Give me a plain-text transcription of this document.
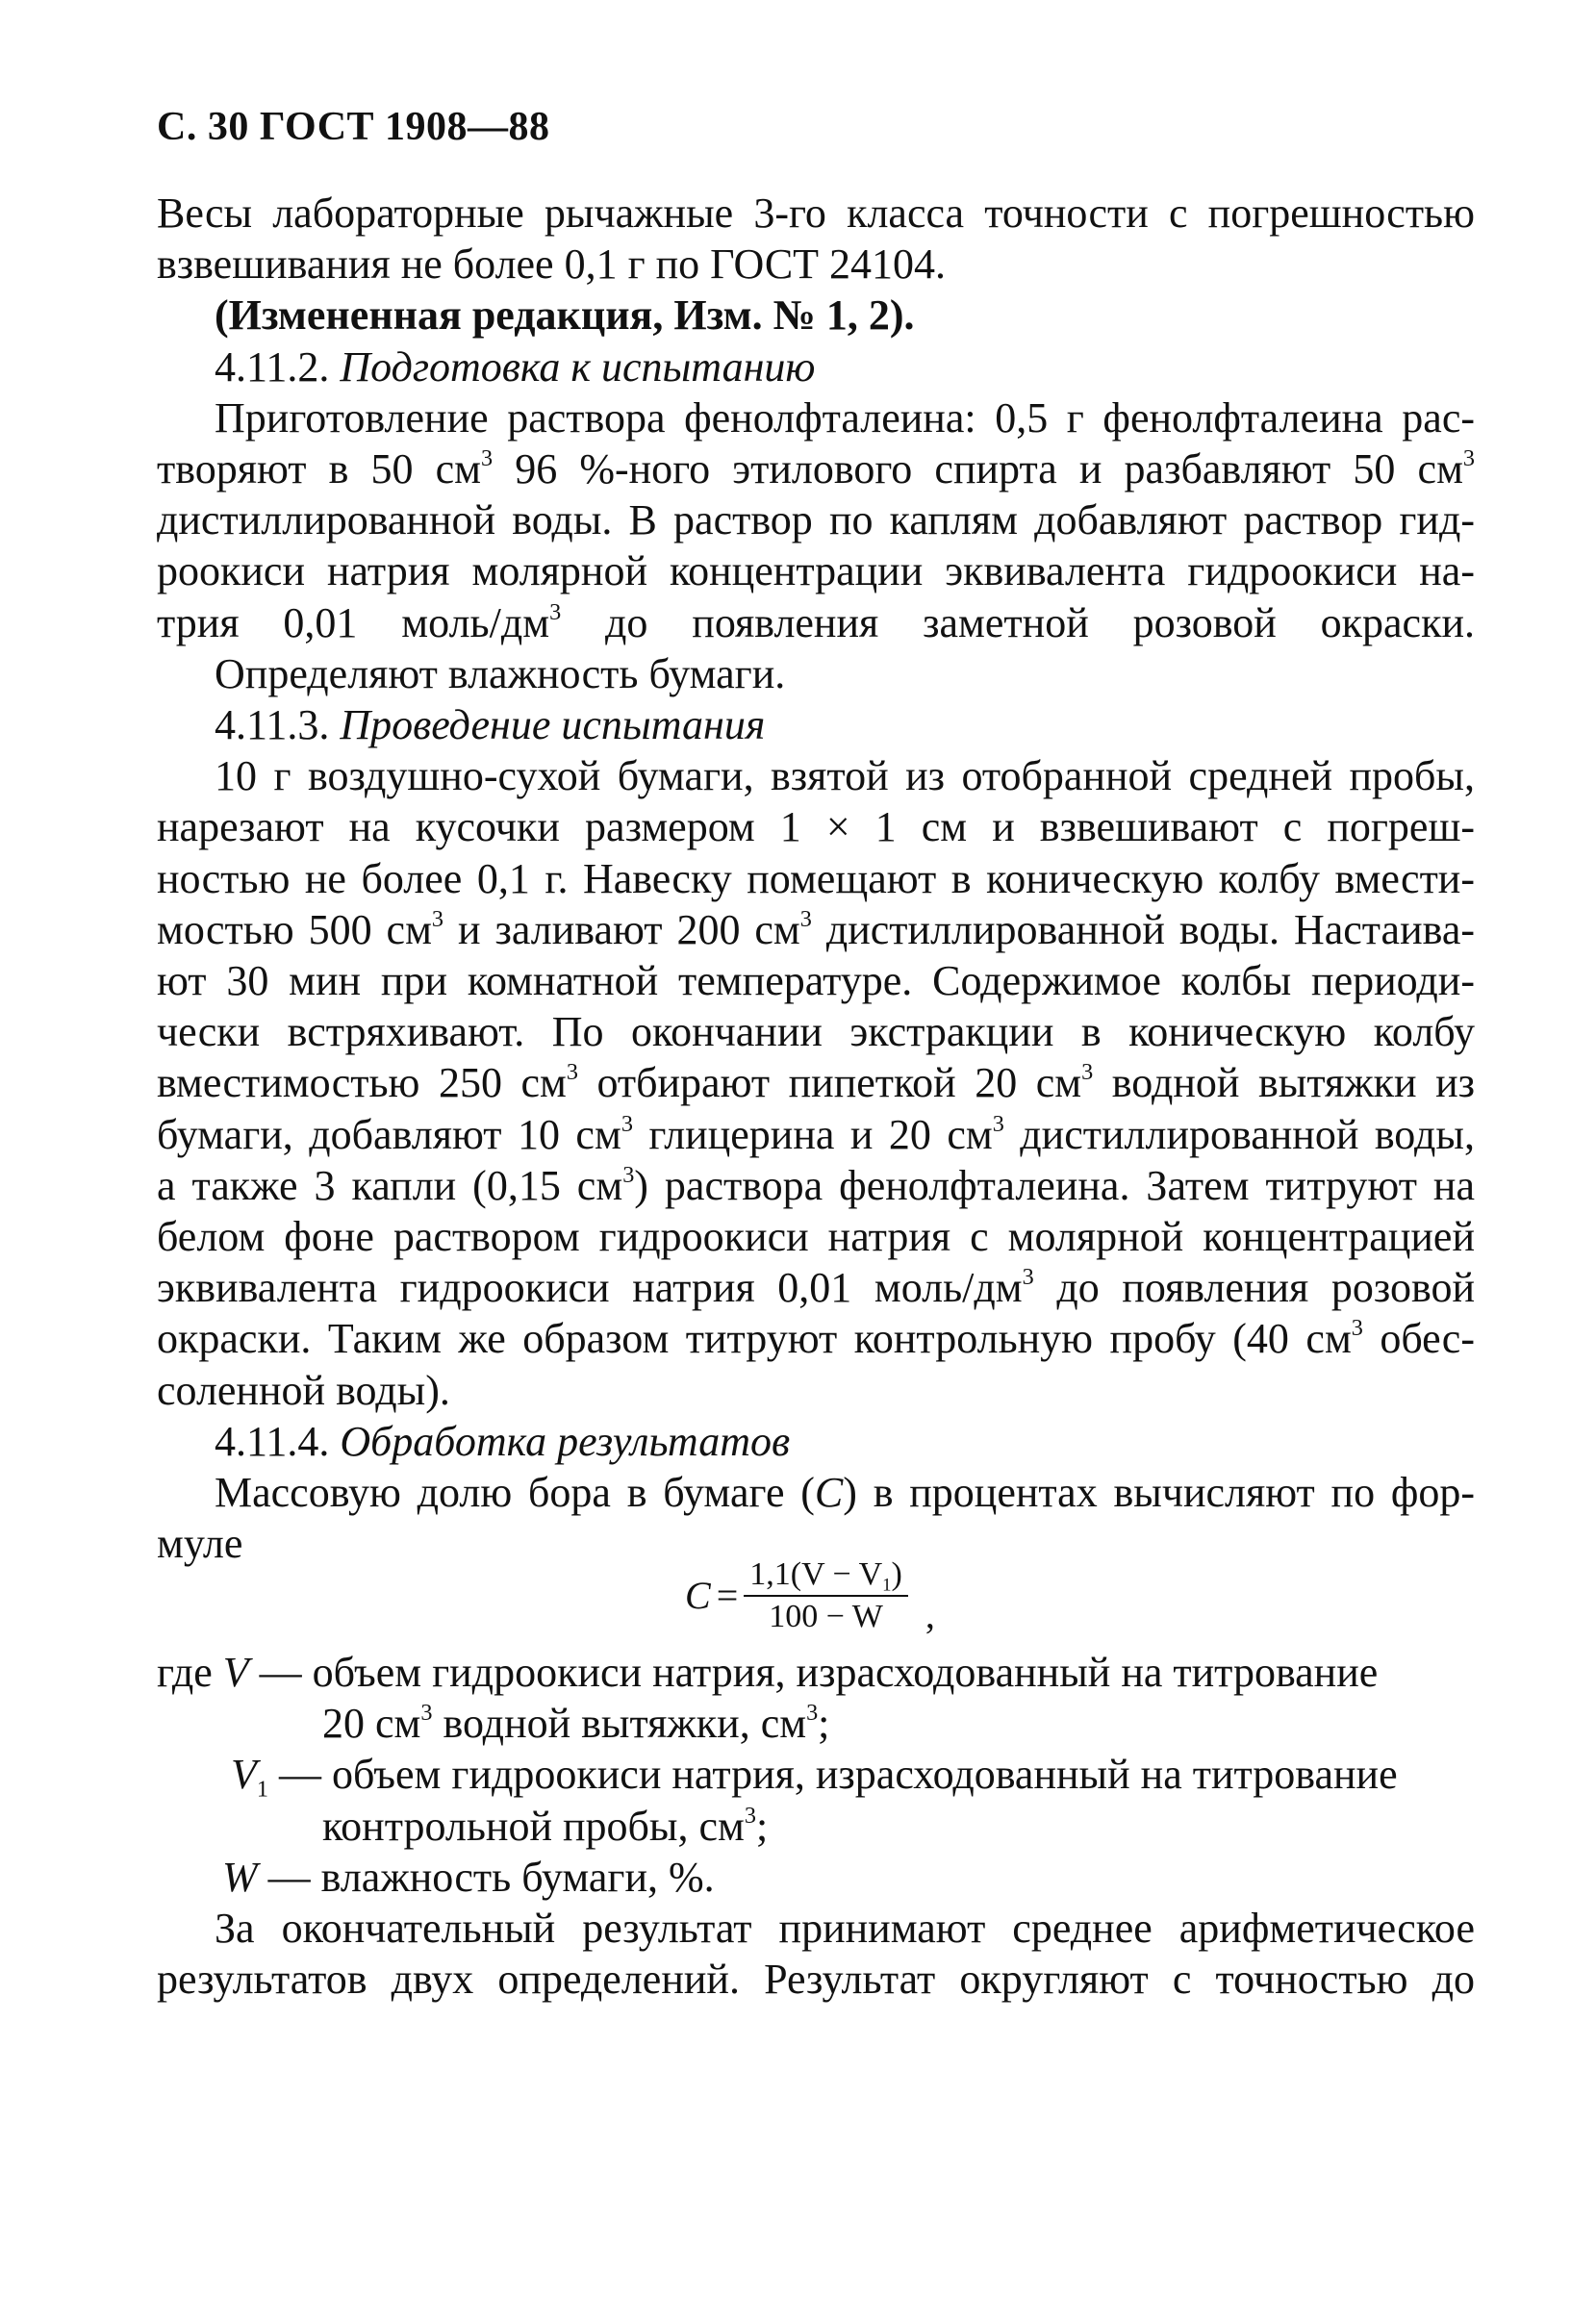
С. 30 ГОСТ 1908—88
Весы лабораторные рычажные 3-го класса точности с погрешностью
взвешивания не более 0,1 г по ГОСТ 24104.
(Измененная редакция, Изм. № 1, 2).
4.11.2. Подготовка к испытанию
Приготовление раствора фенолфталеина: 0,5 г фенолфталеина рас-
творяют в 50 $см^3$ 96 %-ного этилового спирта и разбавляют 50 $см^3$
дистиллированной воды. В раствор по каплям добавляют раствор гид-
роокиси натрия молярной концентрации эквивалента гидроокиси на-
трия 0,01 моль/$дм^3$ до появления заметной розовой окраски.
Определяют влажность бумаги.
4.11.3. Проведение испытания
10 г воздушно-сухой бумаги, взятой из отобранной средней пробы,
нарезают на кусочки размером 1 × 1 см и взвешивают с погреш-
ностью не более 0,1 г. Навеску помещают в коническую колбу вмести-
мостью 500 $см^3$ и заливают 200 $см^3$ дистиллированной воды. Настаива-
ют 30 мин при комнатной температуре. Содержимое колбы периоди-
чески встряхивают. По окончании экстракции в коническую колбу
вместимостью 250 $см^3$ отбирают пипеткой 20 $см^3$ водной вытяжки из
бумаги, добавляют 10 $см^3$ глицерина и 20 $см^3$ дистиллированной воды,
а также 3 капли (0,15 $см^3$) раствора фенолфталеина. Затем титруют на
белом фоне раствором гидроокиси натрия с молярной концентрацией
эквивалента гидроокиси натрия 0,01 моль/$дм^3$ до появления розовой
окраски. Таким же образом титруют контрольную пробу (40 $см^3$ обес-
соленной воды).
4.11.4. Обработка результатов
Массовую долю бора в бумаге (C) в процентах вычисляют по фор-
муле
$C = \frac{1,1(V - V_1)}{100 - W}$ ,
где V — объем гидроокиси натрия, израсходованный на титрование
20 $см^3$ водной вытяжки, $см^3$;
$V_1$ — объем гидроокиси натрия, израсходованный на титрование
контрольной пробы, $см^3$;
W — влажность бумаги, %.
За окончательный результат принимают среднее арифметическое
результатов двух определений. Результат округляют с точностью до
